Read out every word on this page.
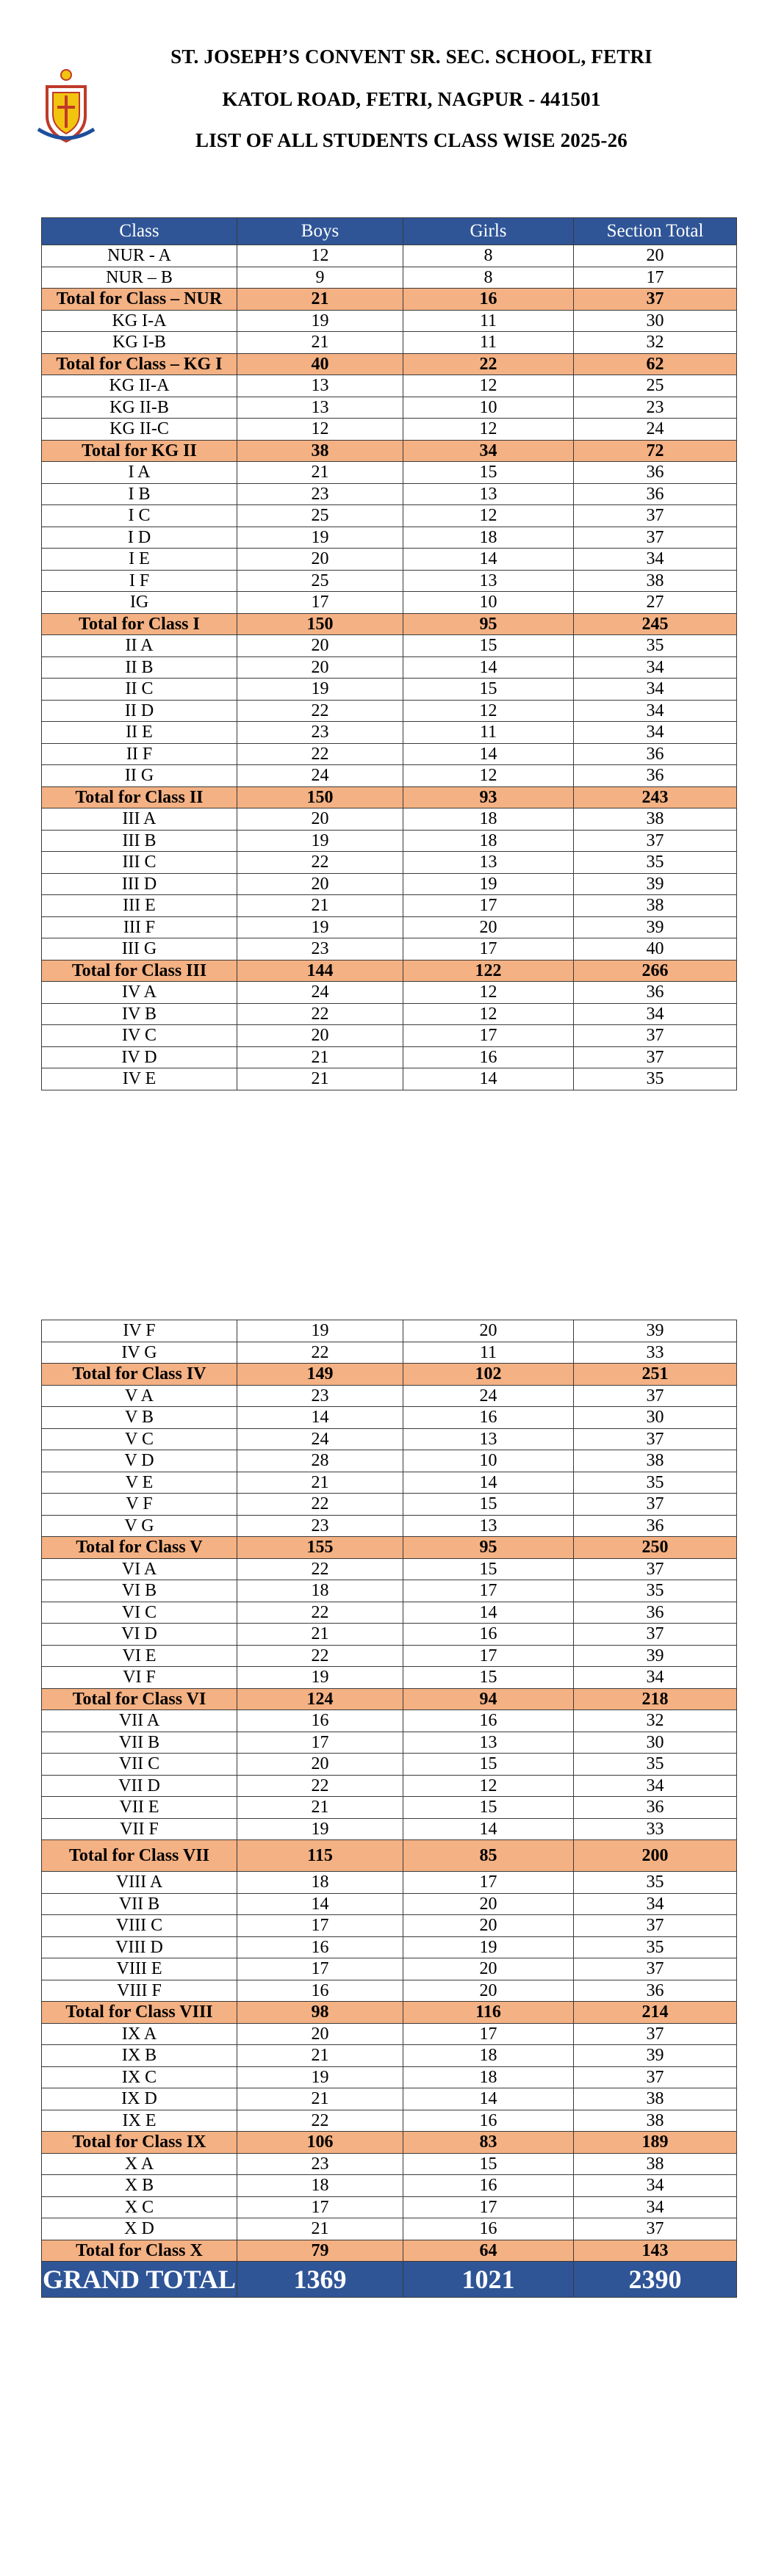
ST. JOSEPH’S CONVENT SR. SEC. SCHOOL, FETRI
KATOL ROAD, FETRI, NAGPUR - 441501
LIST OF ALL STUDENTS CLASS WISE 2025-26
Class	Boys	Girls	Section Total
NUR - A	12	8	20
NUR – B	9	8	17
Total for Class – NUR	21	16	37
KG I-A	19	11	30
KG I-B	21	11	32
Total for Class – KG I	40	22	62
KG II-A	13	12	25
KG II-B	13	10	23
KG II-C	12	12	24
Total for KG II	38	34	72
I A	21	15	36
I B	23	13	36
I C	25	12	37
I D	19	18	37
I E	20	14	34
I F	25	13	38
IG	17	10	27
Total for Class I	150	95	245
II A	20	15	35
II B	20	14	34
II C	19	15	34
II D	22	12	34
II E	23	11	34
II F	22	14	36
II G	24	12	36
Total for Class II	150	93	243
III A	20	18	38
III B	19	18	37
III C	22	13	35
III D	20	19	39
III E	21	17	38
III F	19	20	39
III G	23	17	40
Total for Class III	144	122	266
IV A	24	12	36
IV B	22	12	34
IV C	20	17	37
IV D	21	16	37
IV E	21	14	35
IV F	19	20	39
IV G	22	11	33
Total for Class IV	149	102	251
V A	23	24	37
V B	14	16	30
V C	24	13	37
V D	28	10	38
V E	21	14	35
V F	22	15	37
V G	23	13	36
Total for Class V	155	95	250
VI A	22	15	37
VI B	18	17	35
VI C	22	14	36
VI D	21	16	37
VI E	22	17	39
VI F	19	15	34
Total for Class VI	124	94	218
VII A	16	16	32
VII B	17	13	30
VII C	20	15	35
VII D	22	12	34
VII E	21	15	36
VII F	19	14	33
Total for Class VII	115	85	200
VIII A	18	17	35
VII B	14	20	34
VIII C	17	20	37
VIII D	16	19	35
VIII E	17	20	37
VIII F	16	20	36
Total for Class VIII	98	116	214
IX A	20	17	37
IX B	21	18	39
IX C	19	18	37
IX D	21	14	38
IX E	22	16	38
Total for Class IX	106	83	189
X A	23	15	38
X B	18	16	34
X C	17	17	34
X D	21	16	37
Total for Class X	79	64	143
GRAND TOTAL	1369	1021	2390
